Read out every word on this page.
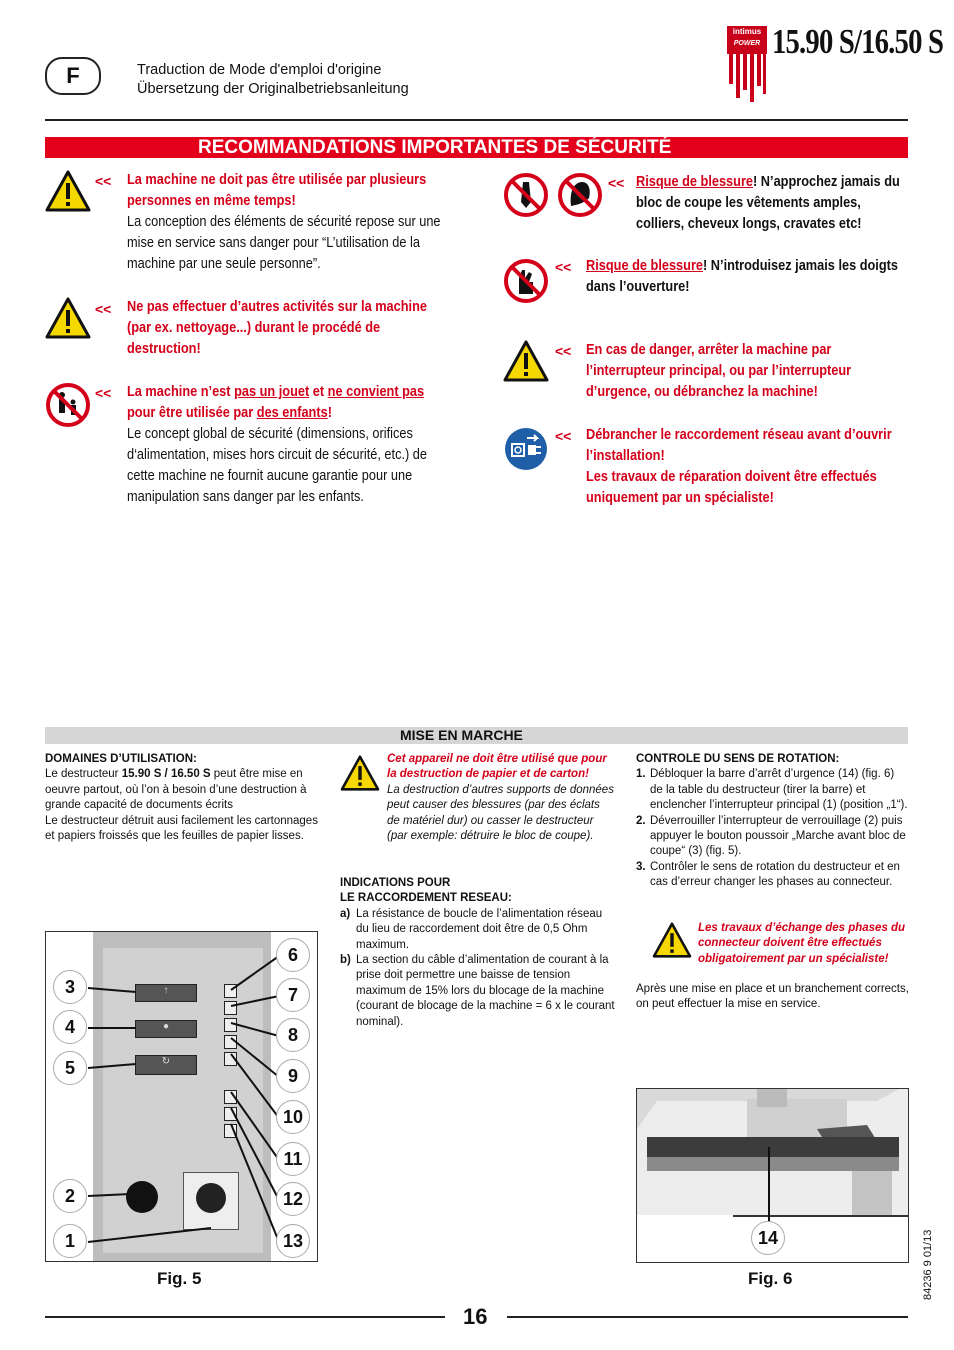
F	Traduction de Mode d'emploi d'origine
Übersetzung der Originalbetriebsanleitung
intimus
POWER 15.90 S/16.50 S
RECOMMANDATIONS IMPORTANTES DE SÉCURITÉ
<< La machine ne doit pas être utilisée par plusieurs personnes en même temps!
La conception des éléments de sécurité repose sur une mise en service sans danger pour “L’utilisation de la machine par une seule personne”.
<< Ne pas effectuer d’autres activités sur la machine (par ex. nettoyage...) durant le procédé de destruction!
<< La machine n’est pas un jouet et ne convient pas pour être utilisée par des enfants!
Le concept global de sécurité (dimensions, orifices d‘alimentation, mises hors circuit de sécurité, etc.) de cette machine ne fournit aucune garantie pour une manipulation sans danger par les enfants.
<< Risque de blessure! N’approchez jamais du bloc de coupe les vêtements amples, colliers, cheveux longs, cravates etc!
<< Risque de blessure! N’introduisez jamais les doigts dans l’ouverture!
<< En cas de danger, arrêter la machine par l’interrupteur principal, ou par l’interrupteur d’urgence, ou débranchez la machine!
<< Débrancher le raccordement réseau avant d’ouvrir l’installation!
Les travaux de réparation doivent être effectués uniquement par un spécialiste!
MISE EN MARCHE
DOMAINES D’UTILISATION:
Le destructeur 15.90 S / 16.50 S peut être mise en oeuvre partout, où l’on à besoin d’une destruction à grande capacité de documents écrits
Le destructeur détruit ausi facilement les cartonnages et papiers froissés que les feuilles de papier lisses.
Cet appareil ne doit être utilisé que pour la destruction de papier et de carton!
La destruction d’autres supports de données peut causer des blessures (par des éclats de matériel dur) ou casser le destructeur (par exemple: détruire le bloc de coupe).
INDICATIONS POUR
LE RACCORDEMENT RESEAU:
a) La résistance de boucle de l’alimentation réseau du lieu de raccordement doit être de 0,5 Ohm maximum.
b) La section du câble d’alimentation de courant à la prise doit permettre une baisse de tension maximum de 15% lors du blocage de la machine (courant de blocage de la machine = 6 x le courant nominal).
CONTROLE DU SENS DE ROTATION:
1. Débloquer la barre d’arrêt d’urgence (14) (fig. 6) de la table du destructeur (tirer la barre) et enclencher l’interrupteur principal (1) (position „1“).
2. Déverrouiller l’interrupteur de verrouillage (2) puis appuyer le bouton poussoir „Marche avant bloc de coupe“ (3) (fig. 5).
3. Contrôler le sens de rotation du destructeur et en cas d’erreur changer les phases au connecteur.
Les travaux d’échange des phases du connecteur doivent être effectués obligatoirement par un spécialiste!
Après une mise en place et un branchement corrects, on peut effectuer la mise en service.
↑
●
↻
1
2
3
4
5
6
7
8
9
10
11
12
13
Fig. 5
14
Fig. 6	84236 9 01/13
16
